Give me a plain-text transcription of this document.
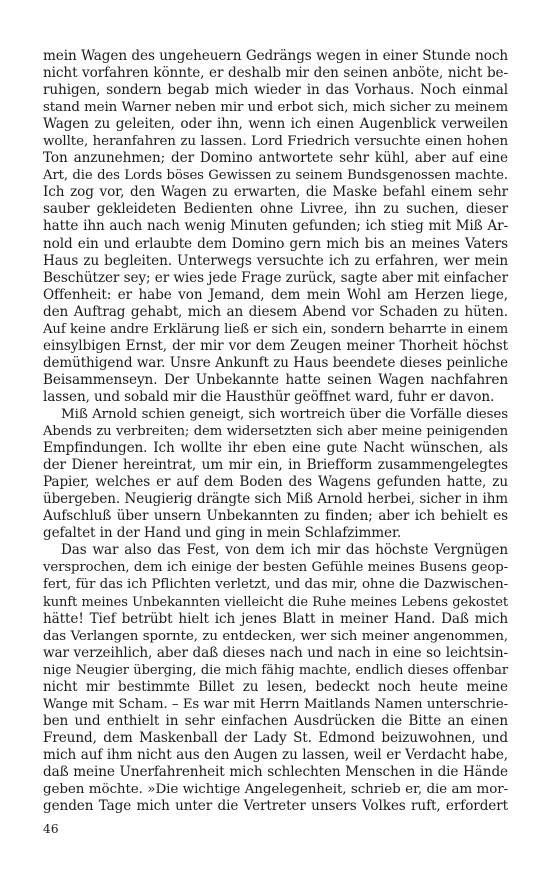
mein Wagen des ungeheuern Gedrängs wegen in einer Stunde noch
nicht vorfahren könnte, er deshalb mir den seinen anböte, nicht be-
ruhigen, sondern begab mich wieder in das Vorhaus. Noch einmal
stand mein Warner neben mir und erbot sich, mich sicher zu meinem
Wagen zu geleiten, oder ihn, wenn ich einen Augenblick verweilen
wollte, heranfahren zu lassen. Lord Friedrich versuchte einen hohen
Ton anzunehmen; der Domino antwortete sehr kühl, aber auf eine
Art, die des Lords böses Gewissen zu seinem Bundsgenossen machte.
Ich zog vor, den Wagen zu erwarten, die Maske befahl einem sehr
sauber gekleideten Bedienten ohne Livree, ihn zu suchen, dieser
hatte ihn auch nach wenig Minuten gefunden; ich stieg mit Miß Ar-
nold ein und erlaubte dem Domino gern mich bis an meines Vaters
Haus zu begleiten. Unterwegs versuchte ich zu erfahren, wer mein
Beschützer sey; er wies jede Frage zurück, sagte aber mit einfacher
Offenheit: er habe von Jemand, dem mein Wohl am Herzen liege,
den Auftrag gehabt, mich an diesem Abend vor Schaden zu hüten.
Auf keine andre Erklärung ließ er sich ein, sondern beharrte in einem
einsylbigen Ernst, der mir vor dem Zeugen meiner Thorheit höchst
demüthigend war. Unsre Ankunft zu Haus beendete dieses peinliche
Beisammenseyn. Der Unbekannte hatte seinen Wagen nachfahren
lassen, und sobald mir die Hausthür geöffnet ward, fuhr er davon.
Miß Arnold schien geneigt, sich wortreich über die Vorfälle dieses
Abends zu verbreiten; dem widersetzten sich aber meine peinigenden
Empfindungen. Ich wollte ihr eben eine gute Nacht wünschen, als
der Diener hereintrat, um mir ein, in Briefform zusammengelegtes
Papier, welches er auf dem Boden des Wagens gefunden hatte, zu
übergeben. Neugierig drängte sich Miß Arnold herbei, sicher in ihm
Aufschluß über unsern Unbekannten zu finden; aber ich behielt es
gefaltet in der Hand und ging in mein Schlafzimmer.
Das war also das Fest, von dem ich mir das höchste Vergnügen
versprochen, dem ich einige der besten Gefühle meines Busens geop-
fert, für das ich Pflichten verletzt, und das mir, ohne die Dazwischen-
kunft meines Unbekannten vielleicht die Ruhe meines Lebens gekostet
hätte! Tief betrübt hielt ich jenes Blatt in meiner Hand. Daß mich
das Verlangen spornte, zu entdecken, wer sich meiner angenommen,
war verzeihlich, aber daß dieses nach und nach in eine so leichtsin-
nige Neugier überging, die mich fähig machte, endlich dieses offenbar
nicht mir bestimmte Billet zu lesen, bedeckt noch heute meine
Wange mit Scham. – Es war mit Herrn Maitlands Namen unterschrie-
ben und enthielt in sehr einfachen Ausdrücken die Bitte an einen
Freund, dem Maskenball der Lady St. Edmond beizuwohnen, und
mich auf ihm nicht aus den Augen zu lassen, weil er Verdacht habe,
daß meine Unerfahrenheit mich schlechten Menschen in die Hände
geben möchte. »Die wichtige Angelegenheit, schrieb er, die am mor-
genden Tage mich unter die Vertreter unsers Volkes ruft, erfordert
46
